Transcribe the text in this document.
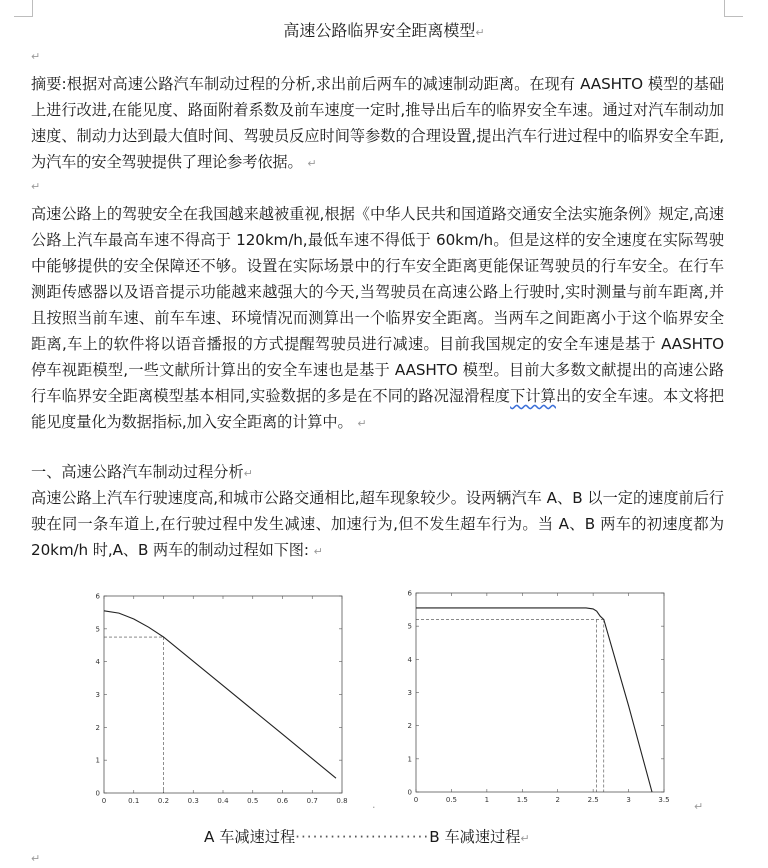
高速公路临界安全距离模型↵
↵
摘要:根据对高速公路汽车制动过程的分析,求出前后两车的减速制动距离。在现有 AASHTO 模型的基础上进行改进,在能见度、路面附着系数及前车速度一定时,推导出后车的临界安全车速。通过对汽车制动加速度、制动力达到最大值时间、驾驶员反应时间等参数的合理设置,提出汽车行进过程中的临界安全车距,为汽车的安全驾驶提供了理论参考依据。 ↵
↵
高速公路上的驾驶安全在我国越来越被重视,根据《中华人民共和国道路交通安全法实施条例》规定,高速公路上汽车最高车速不得高于 120km/h,最低车速不得低于 60km/h。但是这样的安全速度在实际驾驶中能够提供的安全保障还不够。设置在实际场景中的行车安全距离更能保证驾驶员的行车安全。在行车测距传感器以及语音提示功能越来越强大的今天,当驾驶员在高速公路上行驶时,实时测量与前车距离,并且按照当前车速、前车车速、环境情况而测算出一个临界安全距离。当两车之间距离小于这个临界安全距离,车上的软件将以语音播报的方式提醒驾驶员进行减速。目前我国规定的安全车速是基于 AASHTO 停车视距模型,一些文献所计算出的安全车速也是基于 AASHTO 模型。目前大多数文献提出的高速公路行车临界安全距离模型基本相同,实验数据的多是在不同的路况湿滑程度下计算出的安全车速。本文将把能见度量化为数据指标,加入安全距离的计算中。 ↵
一、高速公路汽车制动过程分析↵
高速公路上汽车行驶速度高,和城市公路交通相比,超车现象较少。设两辆汽车 A、B 以一定的速度前后行驶在同一条车道上,在行驶过程中发生减速、加速行为,但不发生超车行为。当 A、B 两车的初速度都为 20km/h 时,A、B 两车的制动过程如下图: ↵
0	0.1	0.2	0.3	0.4	0.5	0.6	0.7	0.8
0
1
2
3
4
5
6
.	0	0.5	1	1.5	2	2.5	3	3.5
0
1
2
3
4
5
6
↵
A 车减速过程·······················B 车减速过程↵
↵
